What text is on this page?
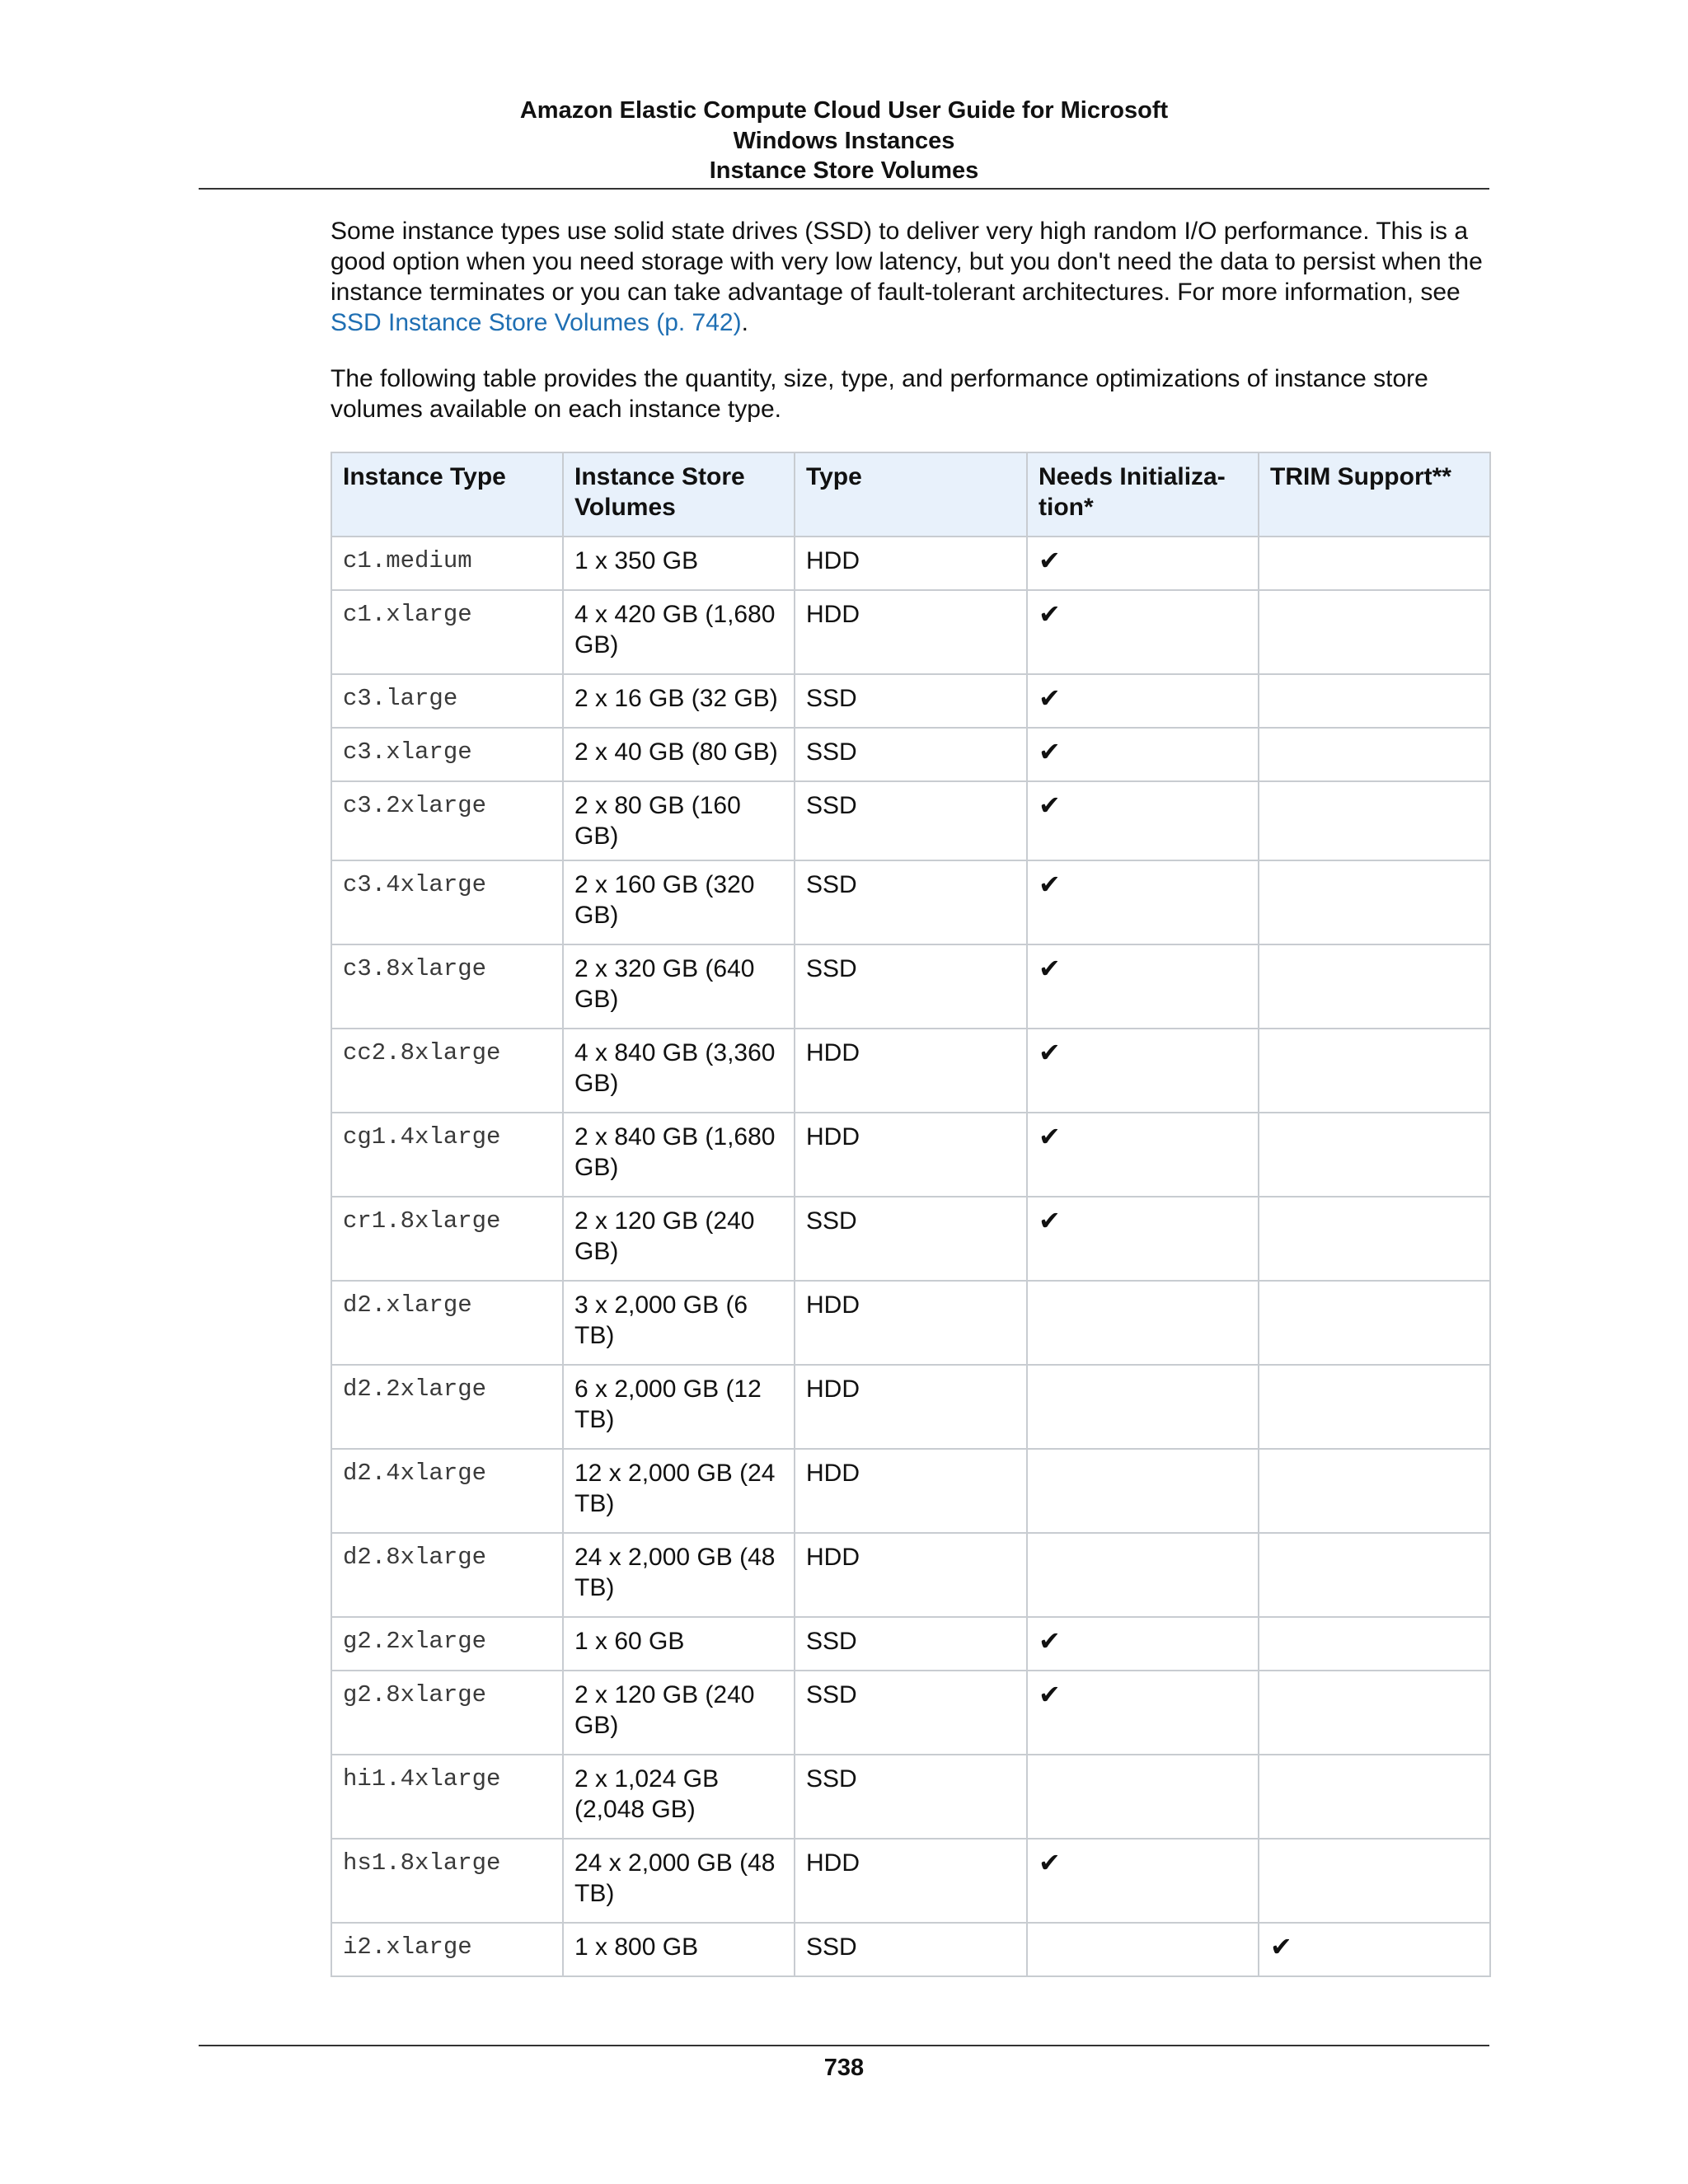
Amazon Elastic Compute Cloud User Guide for Microsoft
Windows Instances
Instance Store Volumes

Some instance types use solid state drives (SSD) to deliver very high random I/O performance. This is a good option when you need storage with very low latency, but you don't need the data to persist when the instance terminates or you can take advantage of fault-tolerant architectures. For more information, see SSD Instance Store Volumes (p. 742).

The following table provides the quantity, size, type, and performance optimizations of instance store volumes available on each instance type.

Instance Type	Instance Store Volumes	Type	Needs Initializa-tion*	TRIM Support**
c1.medium	1 x 350 GB	HDD	✔	
c1.xlarge	4 x 420 GB (1,680 GB)	HDD	✔	
c3.large	2 x 16 GB (32 GB)	SSD	✔	
c3.xlarge	2 x 40 GB (80 GB)	SSD	✔	
c3.2xlarge	2 x 80 GB (160 GB)	SSD	✔	
c3.4xlarge	2 x 160 GB (320 GB)	SSD	✔	
c3.8xlarge	2 x 320 GB (640 GB)	SSD	✔	
cc2.8xlarge	4 x 840 GB (3,360 GB)	HDD	✔	
cg1.4xlarge	2 x 840 GB (1,680 GB)	HDD	✔	
cr1.8xlarge	2 x 120 GB (240 GB)	SSD	✔	
d2.xlarge	3 x 2,000 GB (6 TB)	HDD		
d2.2xlarge	6 x 2,000 GB (12 TB)	HDD		
d2.4xlarge	12 x 2,000 GB (24 TB)	HDD		
d2.8xlarge	24 x 2,000 GB (48 TB)	HDD		
g2.2xlarge	1 x 60 GB	SSD	✔	
g2.8xlarge	2 x 120 GB (240 GB)	SSD	✔	
hi1.4xlarge	2 x 1,024 GB (2,048 GB)	SSD		
hs1.8xlarge	24 x 2,000 GB (48 TB)	HDD	✔	
i2.xlarge	1 x 800 GB	SSD		✔
738
